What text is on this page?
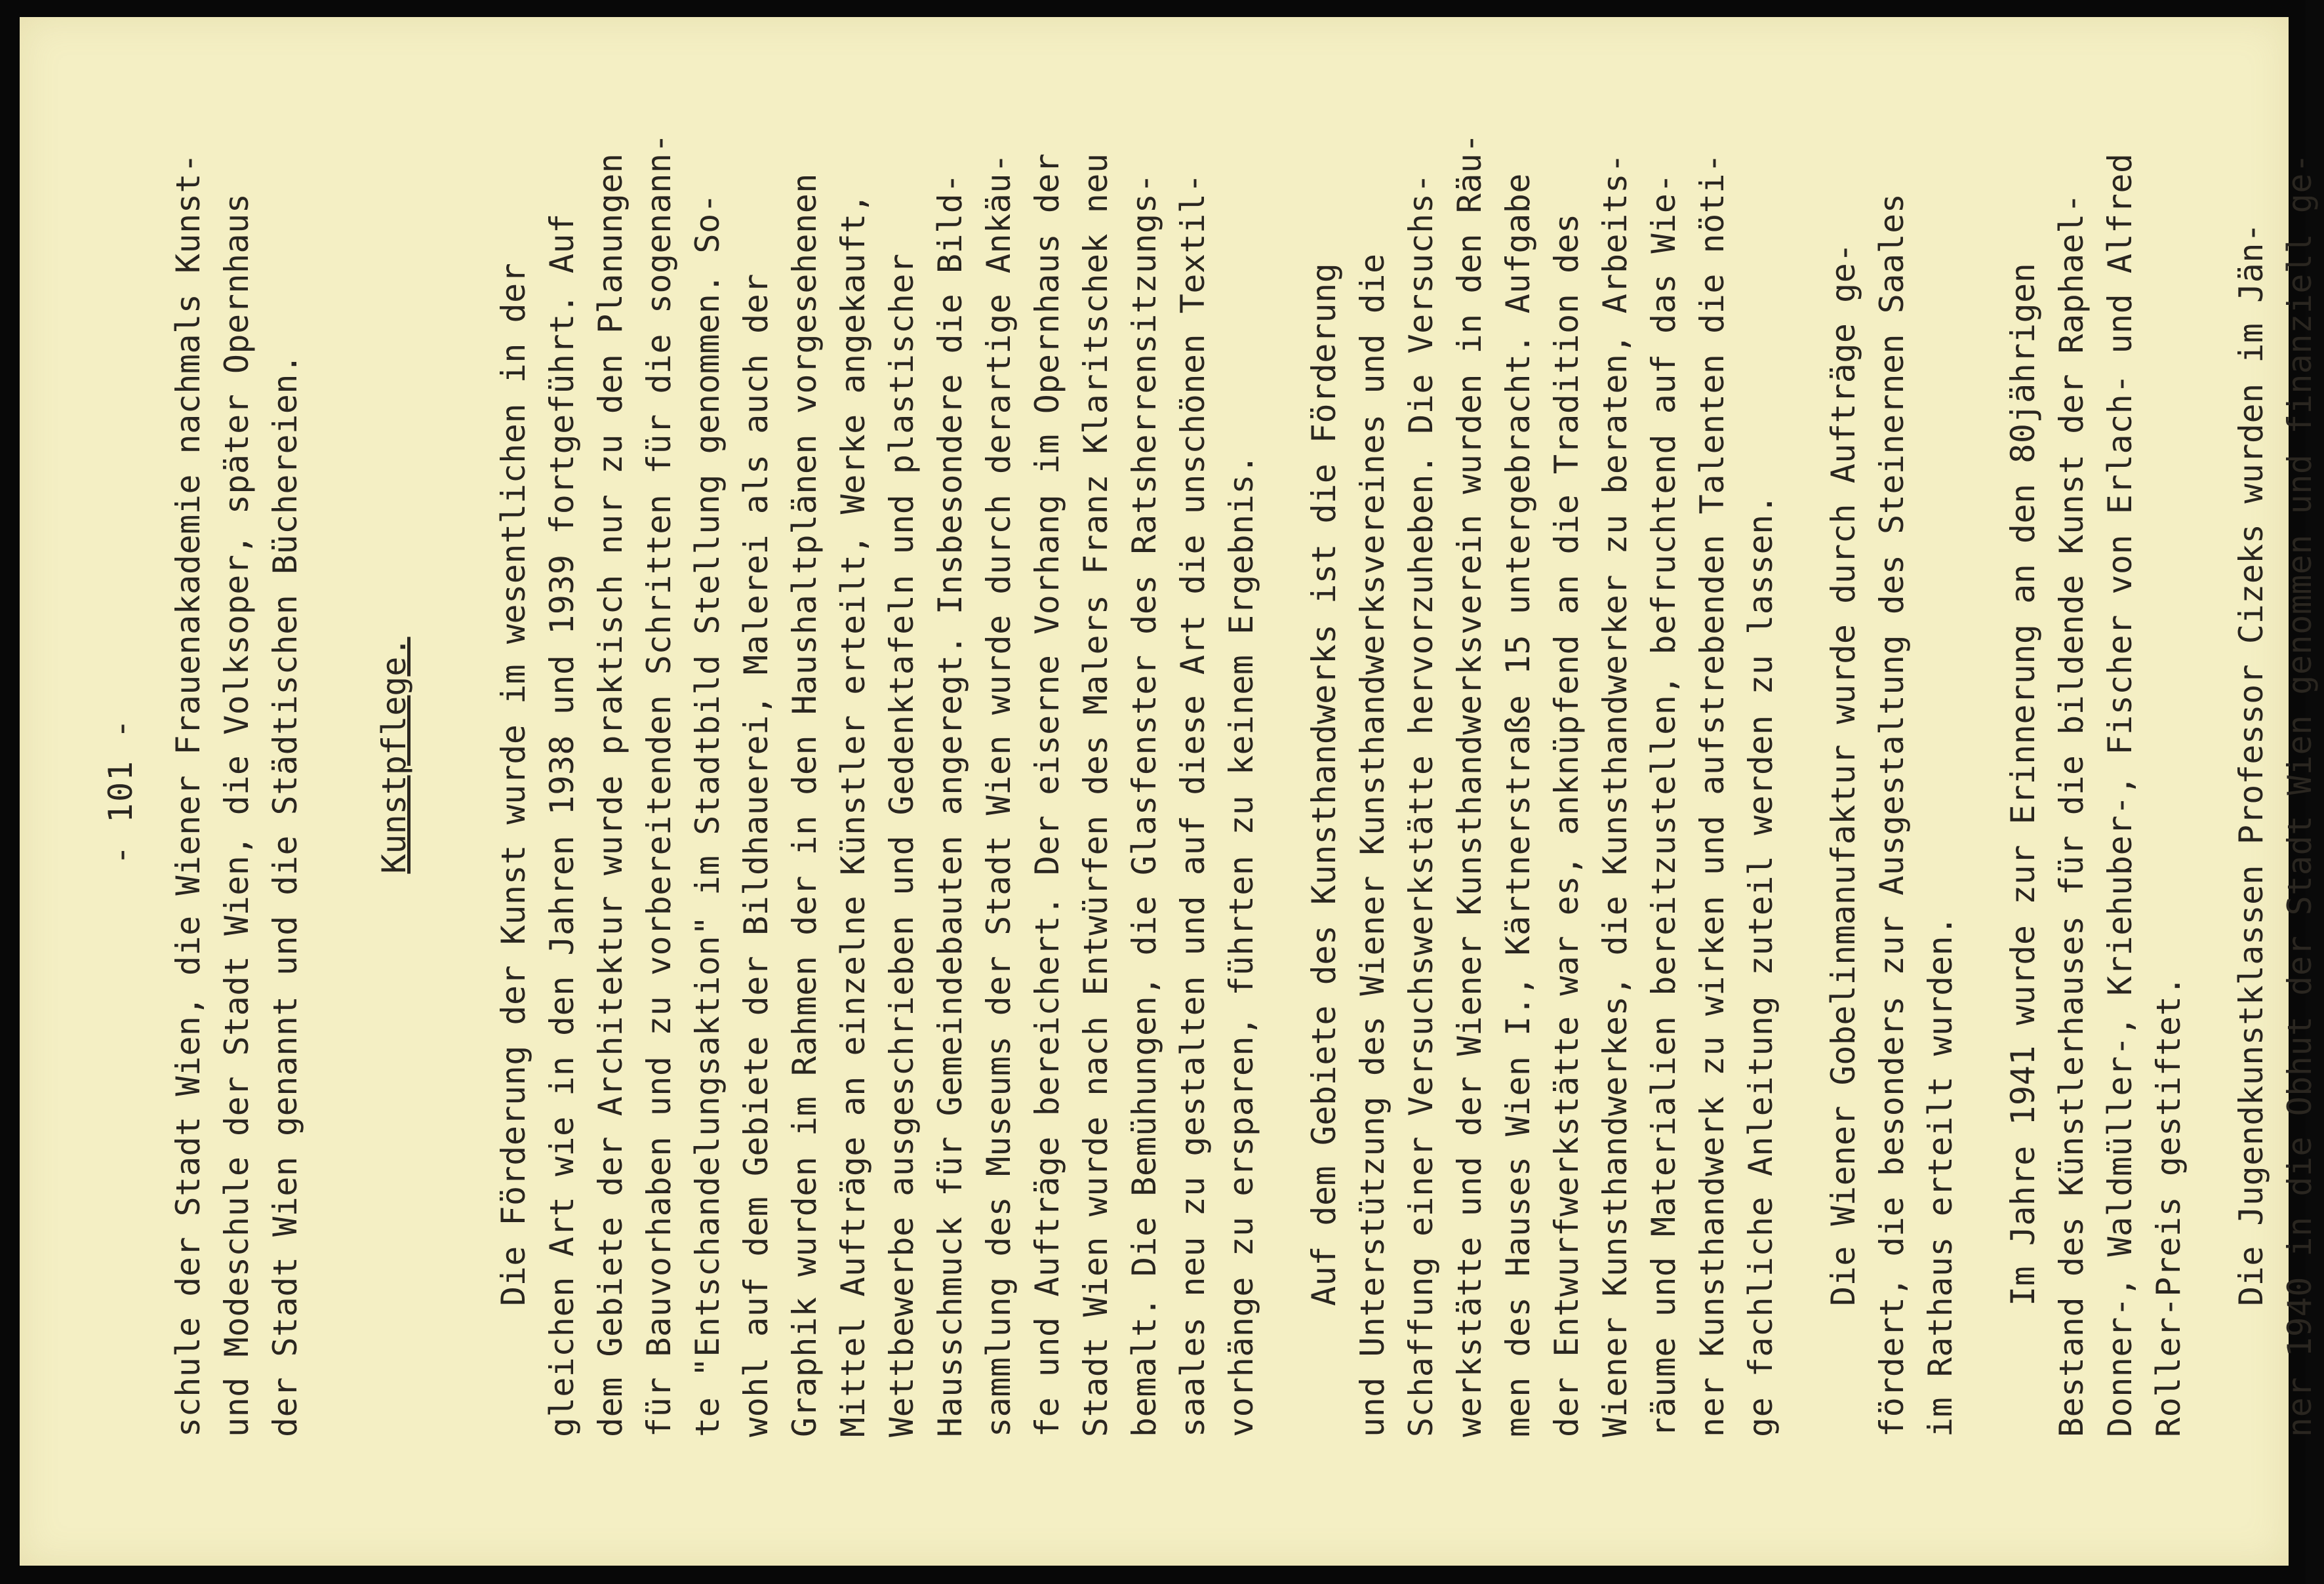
- 101 - schule der Stadt Wien, die Wiener Frauenakademie nachmals Kunst- und Modeschule der Stadt Wien, die Volksoper, später Opernhaus der Stadt Wien genannt und die Städtischen Büchereien. Kunstpflege. Die Förderung der Kunst wurde im wesentlichen in der gleichen Art wie in den Jahren 1938 und 1939 fortgeführt. Auf dem Gebiete der Architektur wurde praktisch nur zu den Planungen für Bauvorhaben und zu vorbereitenden Schritten für die sogenann- te "Entschandelungsaktion" im Stadtbild Stellung genommen. So- wohl auf dem Gebiete der Bildhauerei, Malerei als auch der Graphik wurden im Rahmen der in den Haushaltplänen vorgesehenen Mittel Aufträge an einzelne Künstler erteilt, Werke angekauft, Wettbewerbe ausgeschrieben und Gedenktafeln und plastischer Hausschmuck für Gemeindebauten angeregt. Insbesondere die Bild- sammlung des Museums der Stadt Wien wurde durch derartige Ankäu- fe und Aufträge bereichert. Der eiserne Vorhang im Opernhaus der Stadt Wien wurde nach Entwürfen des Malers Franz Klaritschek neu bemalt. Die Bemühungen, die Glasfenster des Ratsherrensitzungs- saales neu zu gestalten und auf diese Art die unschönen Textil- vorhänge zu ersparen, führten zu keinem Ergebnis. Auf dem Gebiete des Kunsthandwerks ist die Förderung und Unterstützung des Wiener Kunsthandwerksvereines und die Schaffung einer Versuchswerkstätte hervorzuheben. Die Versuchs- werkstätte und der Wiener Kunsthandwerksverein wurden in den Räu- men des Hauses Wien I., Kärtnerstraße 15 untergebracht. Aufgabe der Entwurfwerkstätte war es, anknüpfend an die Tradition des Wiener Kunsthandwerkes, die Kunsthandwerker zu beraten, Arbeits- räume und Materialien bereitzustellen, befruchtend auf das Wie- ner Kunsthandwerk zu wirken und aufstrebenden Talenten die nöti- ge fachliche Anleitung zuteil werden zu lassen. Die Wiener Gobelinmanufaktur wurde durch Aufträge ge- fördert, die besonders zur Ausgestaltung des Steinernen Saales im Rathaus erteilt wurden. Im Jahre 1941 wurde zur Erinnerung an den 80jährigen Bestand des Künstlerhauses für die bildende Kunst der Raphael- Donner-, Waldmüller-, Kriehuber-, Fischer von Erlach- und Alfred Roller-Preis gestiftet. Die Jugendkunstklassen Professor Cizeks wurden im Jän- ner 1940 in die Obhut der Stadt Wien genommen und finanziell ge-
